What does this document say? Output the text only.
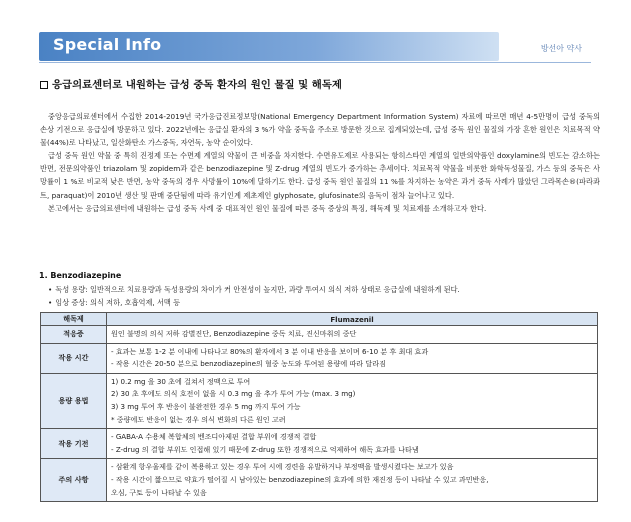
Special Info	방선아 약사
응급의료센터로 내원하는 급성 중독 환자의 원인 물질 및 해독제

중앙응급의료센터에서 수집한 2014-2019년 국가응급진료정보망(National Emergency Department Information System) 자료에 따르면 매년 4-5만명이 급성 중독의 손상 기전으로 응급실에 방문하고 있다. 2022년에는 응급실 환자의 3 %가 약을 중독을 주소로 방문한 것으로 집계되었는데, 급성 중독 원인 물질의 가장 흔한 원인은 치료목적 약물(44%)로 나타났고, 일산화탄소 가스중독, 자연독, 농약 순이었다.

급성 중독 원인 약물 중 특히 진정제 또는 수면제 계열의 약물이 큰 비중을 차지한다. 수면유도제로 사용되는 항히스타민 계열의 일반의약품인 doxylamine의 빈도는 감소하는 반면, 전문의약품인 triazolam 및 zopidem과 같은 benzodiazepine 및 Z-drug 계열의 빈도가 증가하는 추세이다. 치료목적 약물을 비롯한 화학독성물질, 가스 등의 중독은 사망률이 1 %로 비교적 낮은 반면, 농약 중독의 경우 사망률이 10%에 달하기도 한다. 급성 중독 원인 물질의 11 %를 차지하는 농약은 과거 중독 사례가 많았던 그라목손®(파라콰트, paraquat)이 2010년 생산 및 판매 중단됨에 따라 유기인계 제초제인 glyphosate, glufosinate의 음독이 점차 늘어나고 있다.

본고에서는 응급의료센터에 내원하는 급성 중독 사례 중 대표적인 원인 물질에 따른 중독 증상의 특징, 해독제 및 치료제를 소개하고자 한다.

1. Benzodiazepine
• 독성 용량: 일반적으로 치료용량과 독성용량의 차이가 커 안전성이 높지만, 과량 투여시 의식 저하 상태로 응급실에 내원하게 된다.
• 임상 증상: 의식 저하, 호흡억제, 서맥 등
해독제	Flumazenil
적응증	원인 불명의 의식 저하 감별진단, Benzodiazepine 중독 치료, 진신마취의 중단

작용 시간	- 효과는 보통 1-2 분 이내에 나타나고 80%의 환자에서 3 분 이내 반응을 보이며 6-10 분 후 최대 효과
- 작용 시간은 20-50 분으로 benzodiazepine의 혈중 농도와 투여된 용량에 따라 달라짐

용량 용법	1) 0.2 mg 을 30 초에 걸쳐서 정맥으로 투여
2) 30 초 후에도 의식 호전이 없을 시 0.3 mg 을 추가 투여 가능 (max. 3 mg)
3) 3 mg 투여 후 반응이 불완전한 경우 5 mg 까지 투여 가능
* 중량에도 반응이 없는 경우 의식 변화의 다른 원인 고려

작용 기전	- GABA-A 수용체 복합체의 벤조디아제핀 결합 부위에 경쟁적 결합
- Z-drug 의 결합 부위도 인접해 있기 때문에 Z-drug 또한 경쟁적으로 억제하여 해독 효과를 나타냄

주의 사항	- 삼환계 항우울제를 같이 복용하고 있는 경우 투여 시에 경련을 유발하거나 부정맥을 발생시켰다는 보고가 있음
- 작용 시간이 짧으므로 약효가 떨어질 시 남아있는 benzodiazepine의 효과에 의한 재진정 등이 나타날 수 있고 과민반응,
오심, 구토 등이 나타날 수 있음
